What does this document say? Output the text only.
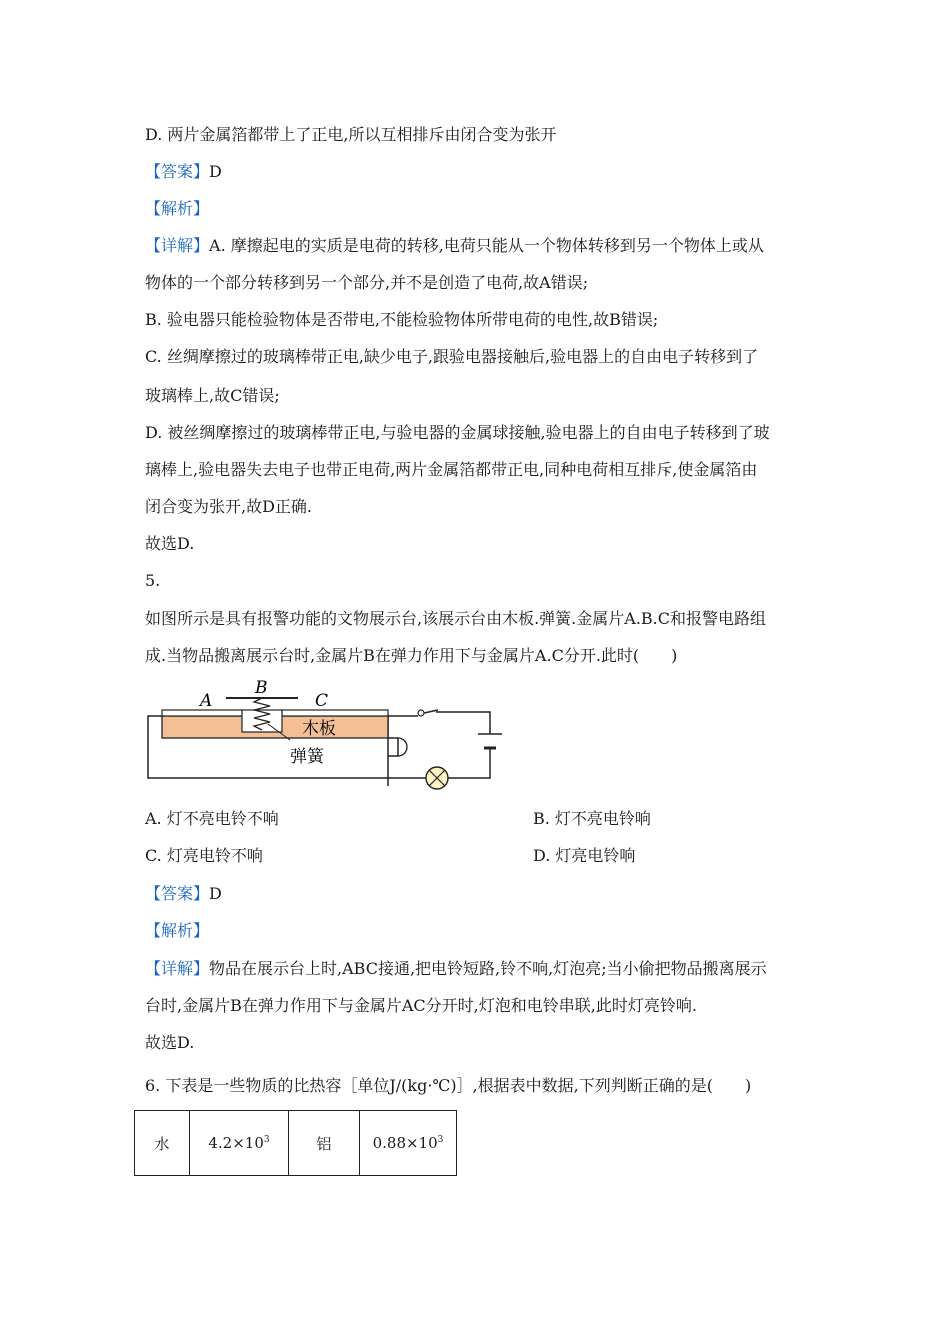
D. 两片金属箔都带上了正电,所以互相排斥由闭合变为张开
【答案】D
【解析】
【详解】A. 摩擦起电的实质是电荷的转移,电荷只能从一个物体转移到另一个物体上或从
物体的一个部分转移到另一个部分,并不是创造了电荷,故A错误;
B. 验电器只能检验物体是否带电,不能检验物体所带电荷的电性,故B错误;
C. 丝绸摩擦过的玻璃棒带正电,缺少电子,跟验电器接触后,验电器上的自由电子转移到了
玻璃棒上,故C错误;
D. 被丝绸摩擦过的玻璃棒带正电,与验电器的金属球接触,验电器上的自由电子转移到了玻
璃棒上,验电器失去电子也带正电荷,两片金属箔都带正电,同种电荷相互排斥,使金属箔由
闭合变为张开,故D正确.
故选D.
5.
如图所示是具有报警功能的文物展示台,该展示台由木板.弹簧.金属片A.B.C和报警电路组
成.当物品搬离展示台时,金属片B在弹力作用下与金属片A.C分开.此时(　　)
A
B
C
木板
弹簧
A. 灯不亮电铃不响	B. 灯不亮电铃响
C. 灯亮电铃不响	D. 灯亮电铃响
【答案】D
【解析】
【详解】物品在展示台上时,ABC接通,把电铃短路,铃不响,灯泡亮;当小偷把物品搬离展示
台时,金属片B在弹力作用下与金属片AC分开时,灯泡和电铃串联,此时灯亮铃响.
故选D.
6. 下表是一些物质的比热容［单位J/(kg·℃)］,根据表中数据,下列判断正确的是(　　)
水	$4.2\times 10^3$	铝	$0.88\times 10^3$
